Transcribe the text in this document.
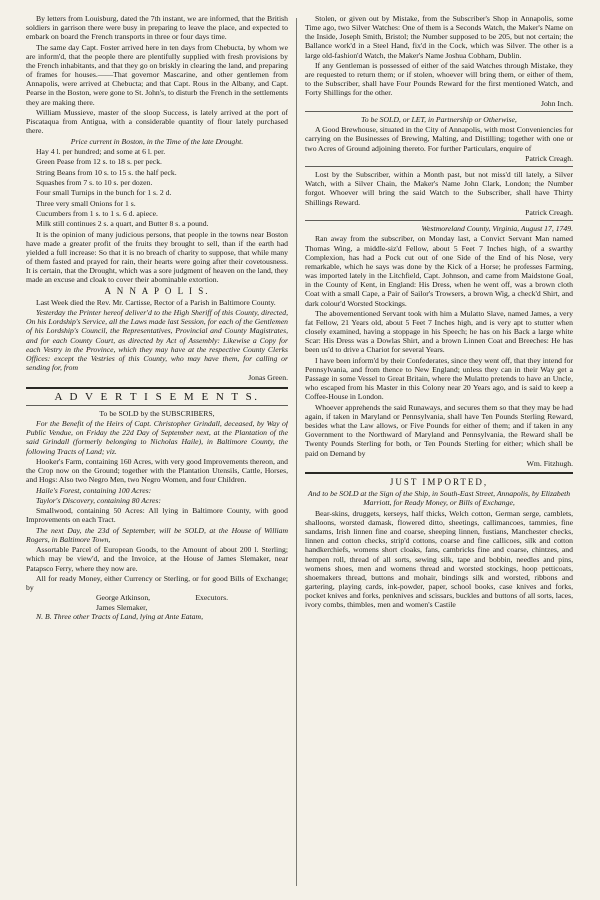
By letters from Louisburg, dated the 7th instant, we are informed, that the British soldiers in garrison there were busy in preparing to leave the place, and expected to embark on board the French transports in three or four days time.

The same day Capt. Foster arrived here in ten days from Chebucta, by whom we are inform'd, that the people there are plentifully supplied with fresh provisions by the French inhabitants, and that they go on briskly in clearing the land, and preparing of frames for houses.——That governor Mascarine, and other gentlemen from Annapolis, were arrived at Chebucta; and that Capt. Rous in the Albany, and Capt. Pearse in the Boston, were gone to St. John's, to disturb the French in the settlements they are making there.

William Mussieve, master of the sloop Success, is lately arrived at the port of Piscataqua from Antigua, with a considerable quantity of flour lately purchased there.

Price current in Boston, in the Time of the late Drought.

Hay 4 l. per hundred; and some at 6 l. per.

Green Pease from 12 s. to 18 s. per peck.

String Beans from 10 s. to 15 s. the half peck.

Squashes from 7 s. to 10 s. per dozen.

Four small Turnips in the bunch for 1 s. 2 d.

Three very small Onions for 1 s.

Cucumbers from 1 s. to 1 s. 6 d. apiece.

Milk still continues 2 s. a quart, and Butter 8 s. a pound.

It is the opinion of many judicious persons, that people in the towns near Boston have made a greater profit of the fruits they brought to sell, than if the earth had yielded a full increase: So that it is no breach of charity to suppose, that while many of them fasted and prayed for rain, their hearts were going after their covetousness. It is certain, that the Drought, which was a sore judgment of heaven on the land, they made an excuse and cloak to cover their abominable extortion.

A N N A P O L I S.

Last Week died the Rev. Mr. Cartisse, Rector of a Parish in Baltimore County.

Yesterday the Printer hereof deliver'd to the High Sheriff of this County, directed, On his Lordship's Service, all the Laws made last Session, for each of the Gentlemen of his Lordship's Council, the Representatives, Provincial and County Magistrates, and for each County Court, as directed by Act of Assembly: Likewise a Copy for each Vestry in the Province, which they may have at the respective County Clerks Offices: except the Vestries of this County, who may have them, for calling or sending for, from

Jonas Green.

A D V E R T I S E M E N T S.

To be SOLD by the SUBSCRIBERS,

For the Benefit of the Heirs of Capt. Christopher Grindall, deceased, by Way of Public Vendue, on Friday the 22d Day of September next, at the Plantation of the said Grindall (formerly belonging to Nicholas Haile), in Baltimore County, the following Tracts of Land; viz.

Hooker's Farm, containing 160 Acres, with very good Improvements thereon, and the Crop now on the Ground; together with the Plantation Utensils, Cattle, Horses, and Hogs: Also two Negro Men, two Negro Women, and four Children.

Haile's Forest, containing 100 Acres:

Taylor's Discovery, containing 80 Acres:

Smallwood, containing 50 Acres: All lying in Baltimore County, with good Improvements on each Tract.

The next Day, the 23d of September, will be SOLD, at the House of William Rogers, in Baltimore Town,

Assortable Parcel of European Goods, to the Amount of about 200 l. Sterling; which may be view'd, and the Invoice, at the House of James Slemaker, near Patapsco Ferry, where they now are.

All for ready Money, either Currency or Sterling, or for good Bills of Exchange; by

George Atkinson,
James Slemaker,
Executors.

N. B. Three other Tracts of Land, lying at Ante Eatam,

Stolen, or given out by Mistake, from the Subscriber's Shop in Annapolis, some Time ago, two Silver Watches: One of them is a Seconds Watch, the Maker's Name on the Inside, Joseph Smith, Bristol; the Number supposed to be 205, but not certain; the Ballance work'd in a Steel Hand, fix'd in the Cock, which was Silver. The other is a large old-fashion'd Watch, the Maker's Name Joshua Cobham, Dublin.

If any Gentleman is possessed of either of the said Watches through Mistake, they are requested to return them; or if stolen, whoever will bring them, or either of them, to the Subscriber, shall have Four Pounds Reward for the first mentioned Watch, and Forty Shillings for the other.

John Inch.

To be SOLD, or LET, in Partnership or Otherwise,

A Good Brewhouse, situated in the City of Annapolis, with most Conveniencies for carrying on the Businesses of Brewing, Malting, and Distilling; together with one or two Acres of Ground adjoining thereto. For further Particulars, enquire of

Patrick Creagh.

Lost by the Subscriber, within a Month past, but not miss'd till lately, a Silver Watch, with a Silver Chain, the Maker's Name John Clark, London; the Number forgot. Whoever will bring the said Watch to the Subscriber, shall have Thirty Shillings Reward.

Patrick Creagh.

Westmoreland County, Virginia, August 17, 1749.

Ran away from the subscriber, on Monday last, a Convict Servant Man named Thomas Wing, a middle-siz'd Fellow, about 5 Feet 7 Inches high, of a swarthy Complexion, has had a Pock cut out of one Side of the End of his Nose, very remarkable, which he says was done by the Kick of a Horse; he professes Farming, was imported lately in the Litchfield, Capt. Johnson, and came from Maidstone Goal, in the County of Kent, in England: His Dress, when he went off, was a brown cloth Coat with a small Cape, a Pair of Sailor's Trowsers, a brown Wig, a check'd Shirt, and dark colour'd Worsted Stockings.

The abovementioned Servant took with him a Mulatto Slave, named James, a very fat Fellow, 21 Years old, about 5 Feet 7 Inches high, and is very apt to stutter when closely examined, having a stoppage in his Speech; he has on his Back a large white Scar: His Dress was a Dowlas Shirt, and a brown Linnen Coat and Breeches: He has been us'd to drive a Chariot for several Years.

I have been inform'd by their Confederates, since they went off, that they intend for Pennsylvania, and from thence to New England; unless they can in their Way get a Passage in some Vessel to Great Britain, where the Mulatto pretends to have an Uncle, who escaped from his Master in this Colony near 20 Years ago, and is said to keep a Coffee-House in London.

Whoever apprehends the said Runaways, and secures them so that they may be had again, if taken in Maryland or Pennsylvania, shall have Ten Pounds Sterling Reward, besides what the Law allows, or Five Pounds for either of them; and if taken in any Government to the Northward of Maryland and Pennsylvania, the Reward shall be Twenty Pounds Sterling for both, or Ten Pounds Sterling for either; which shall be paid on Demand by

Wm. Fitzhugh.

JUST IMPORTED,

And to be SOLD at the Sign of the Ship, in South-East Street, Annapolis, by Elizabeth Marriott, for Ready Money, or Bills of Exchange,

Bear-skins, druggets, kerseys, half thicks, Welch cotton, German serge, camblets, shalloons, worsted damask, flowered ditto, sheetings, callimancoes, tammies, fine sandams, Irish linnen fine and coarse, sheeping linnen, fustians, Manchester checks, linnen and cotton checks, strip'd cottons, coarse and fine callicoes, silk and cotton handkerchiefs, womens short cloaks, fans, cambricks fine and coarse, chintzes, and hempen roll, thread of all sorts, sewing silk, tape and bobbin, needles and pins, womens shoes, men and womens thread and worsted stockings, hoop petticoats, shoemakers thread, buttons and mohair, bindings silk and worsted, ribbons and gartering, playing cards, ink-powder, paper, school books, case knives and forks, pocket knives and forks, penknives and scissars, buckles and buttons of all sorts, laces, ivory combs, thimbles, men and women's Castile
